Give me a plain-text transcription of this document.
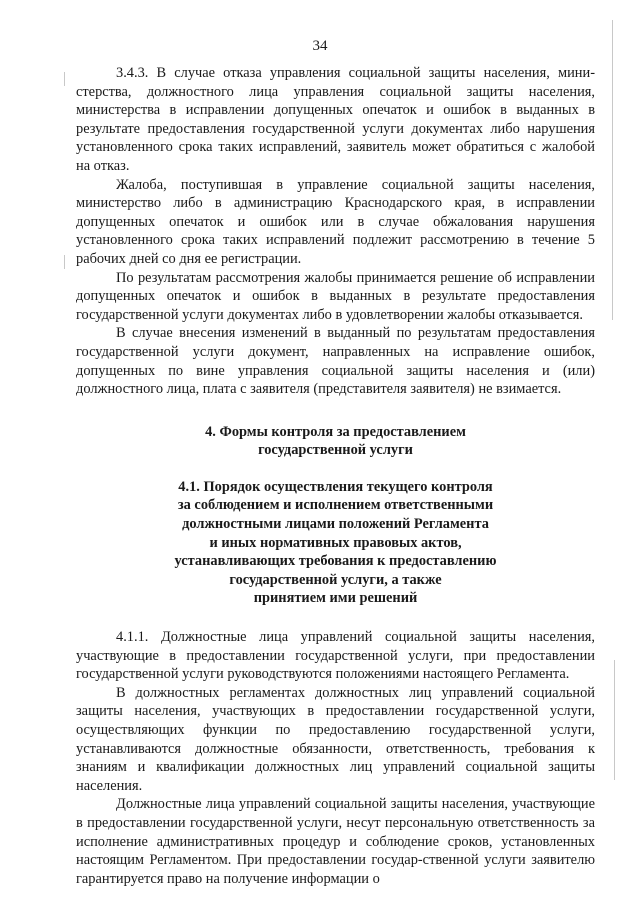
34

3.4.3. В случае отказа управления социальной защиты населения, мини-стерства, должностного лица управления социальной защиты населения, министерства в исправлении допущенных опечаток и ошибок в выданных в результате предоставления государственной услуги документах либо нарушения установленного срока таких исправлений, заявитель может обратиться с жалобой на отказ.

Жалоба, поступившая в управление социальной защиты населения, министерство либо в администрацию Краснодарского края, в исправлении допущенных опечаток и ошибок или в случае обжалования нарушения установленного срока таких исправлений подлежит рассмотрению в течение 5 рабочих дней со дня ее регистрации.

По результатам рассмотрения жалобы принимается решение об исправлении допущенных опечаток и ошибок в выданных в результате предоставления государственной услуги документах либо в удовлетворении жалобы отказывается.

В случае внесения изменений в выданный по результатам предоставления государственной услуги документ, направленных на исправление ошибок, допущенных по вине управления социальной защиты населения и (или) должностного лица, плата с заявителя (представителя заявителя) не взимается.

4. Формы контроля за предоставлением
государственной услуги
4.1. Порядок осуществления текущего контроля
за соблюдением и исполнением ответственными
должностными лицами положений Регламента
и иных нормативных правовых актов,
устанавливающих требования к предоставлению
государственной услуги, а также
принятием ими решений

4.1.1. Должностные лица управлений социальной защиты населения, участвующие в предоставлении государственной услуги, при предоставлении государственной услуги руководствуются положениями настоящего Регламента.

В должностных регламентах должностных лиц управлений социальной защиты населения, участвующих в предоставлении государственной услуги, осуществляющих функции по предоставлению государственной услуги, устанавливаются должностные обязанности, ответственность, требования к знаниям и квалификации должностных лиц управлений социальной защиты населения.

Должностные лица управлений социальной защиты населения, участвующие в предоставлении государственной услуги, несут персональную ответственность за исполнение административных процедур и соблюдение сроков, установленных настоящим Регламентом. При предоставлении государ-ственной услуги заявителю гарантируется право на получение информации о
